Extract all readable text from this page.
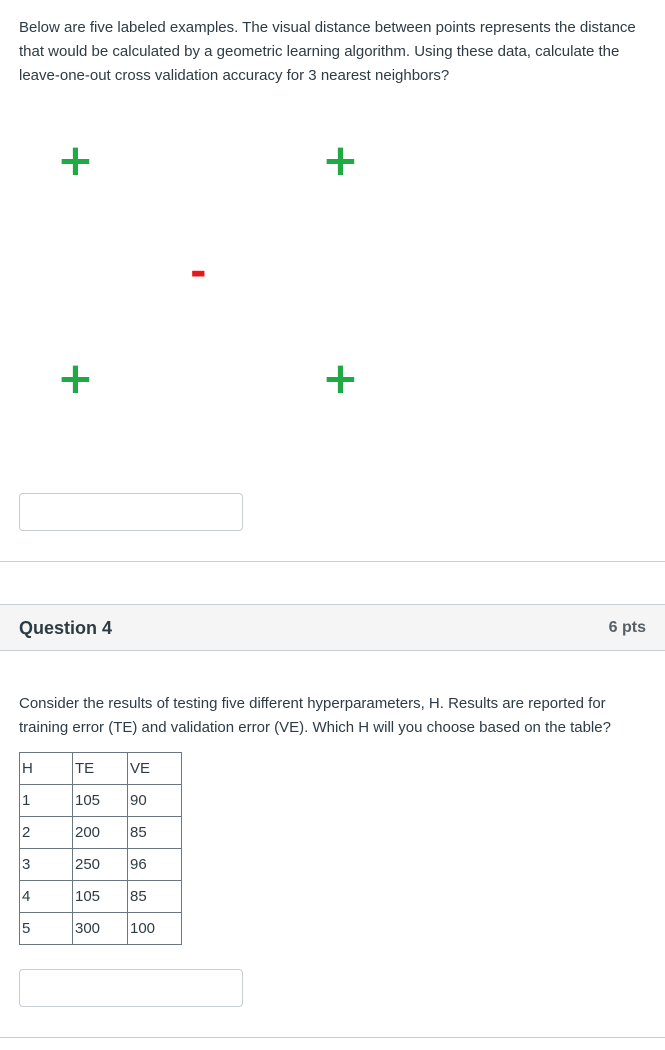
Below are five labeled examples. The visual distance between points represents the distance that would be calculated by a geometric learning algorithm. Using these data, calculate the leave-one-out cross validation accuracy for 3 nearest neighbors?

+	+
-
+	+
Question 4	6 pts

Consider the results of testing five different hyperparameters, H. Results are reported for training error (TE) and validation error (VE). Which H will you choose based on the table?

H	TE	VE
1	105	90
2	200	85
3	250	96
4	105	85
5	300	100
